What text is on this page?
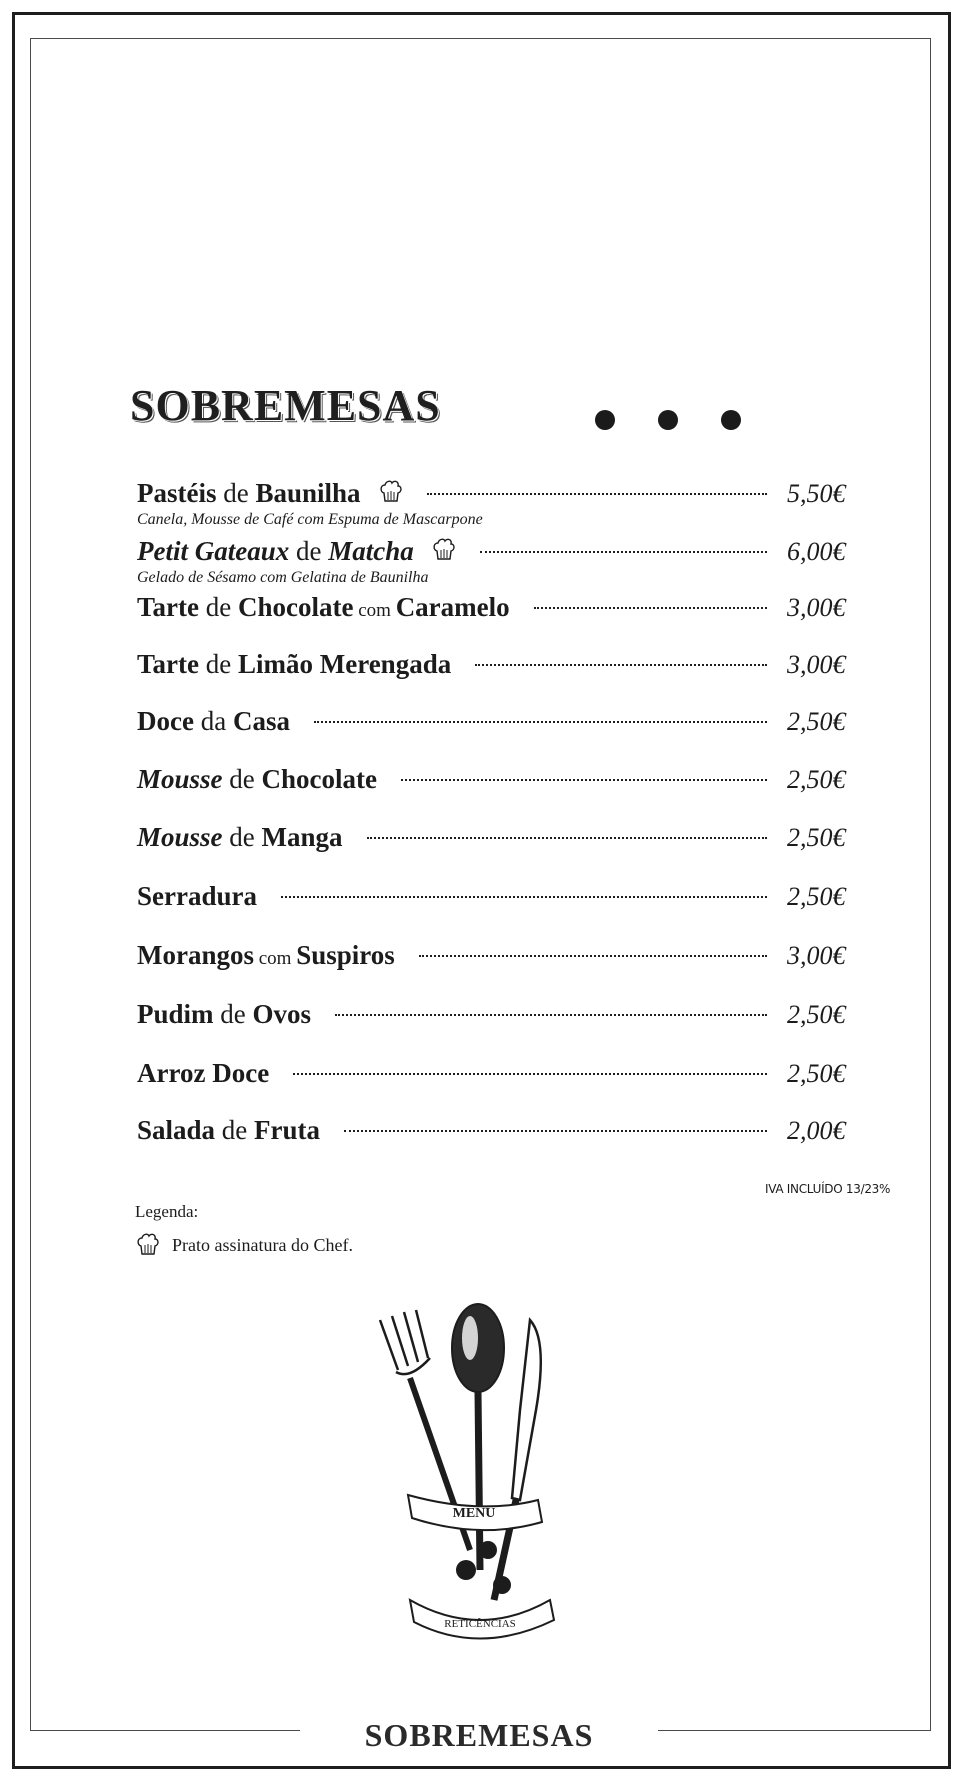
SOBREMESAS
Pastéis de Baunilha	5,50€
Canela, Mousse de Café com Espuma de Mascarpone
Petit Gateaux de Matcha	6,00€
Gelado de Sésamo com Gelatina de Baunilha
Tarte de Chocolate com Caramelo	3,00€
Tarte de Limão Merengada	3,00€
Doce da Casa	2,50€
Mousse de Chocolate	2,50€
Mousse de Manga	2,50€
Serradura	2,50€
Morangos com Suspiros	3,00€
Pudim de Ovos	2,50€
Arroz Doce	2,50€
Salada de Fruta	2,00€
IVA INCLUÍDO 13/23%
Legenda:
Prato assinatura do Chef.
MENU
RETICÊNCIAS
SOBREMESAS
